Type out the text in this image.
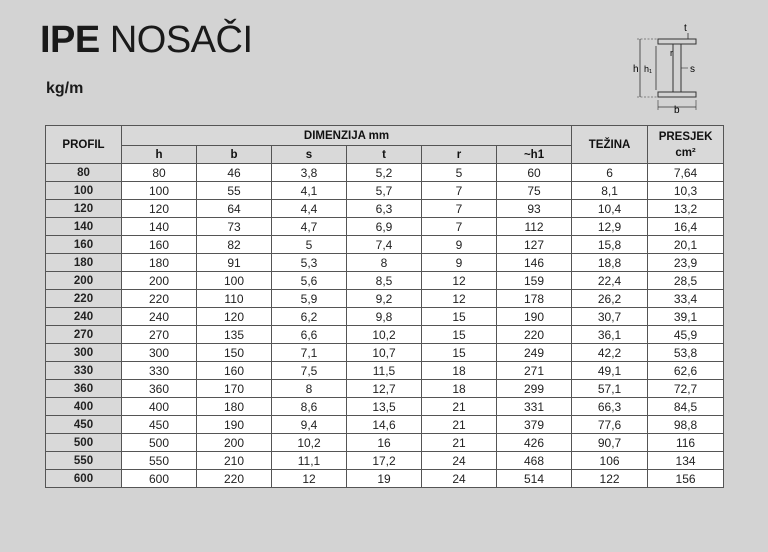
IPE NOSAČI
kg/m
t
r
h h₁	s
b
PROFIL	DIMENZIJA mm						TEŽINA	PRESJEK
cm²
	h	b	s	t	r	~h1		
80	80	46	3,8	5,2	5	60	6	7,64
100	100	55	4,1	5,7	7	75	8,1	10,3
120	120	64	4,4	6,3	7	93	10,4	13,2
140	140	73	4,7	6,9	7	112	12,9	16,4
160	160	82	5	7,4	9	127	15,8	20,1
180	180	91	5,3	8	9	146	18,8	23,9
200	200	100	5,6	8,5	12	159	22,4	28,5
220	220	110	5,9	9,2	12	178	26,2	33,4
240	240	120	6,2	9,8	15	190	30,7	39,1
270	270	135	6,6	10,2	15	220	36,1	45,9
300	300	150	7,1	10,7	15	249	42,2	53,8
330	330	160	7,5	11,5	18	271	49,1	62,6
360	360	170	8	12,7	18	299	57,1	72,7
400	400	180	8,6	13,5	21	331	66,3	84,5
450	450	190	9,4	14,6	21	379	77,6	98,8
500	500	200	10,2	16	21	426	90,7	116
550	550	210	11,1	17,2	24	468	106	134
600	600	220	12	19	24	514	122	156
